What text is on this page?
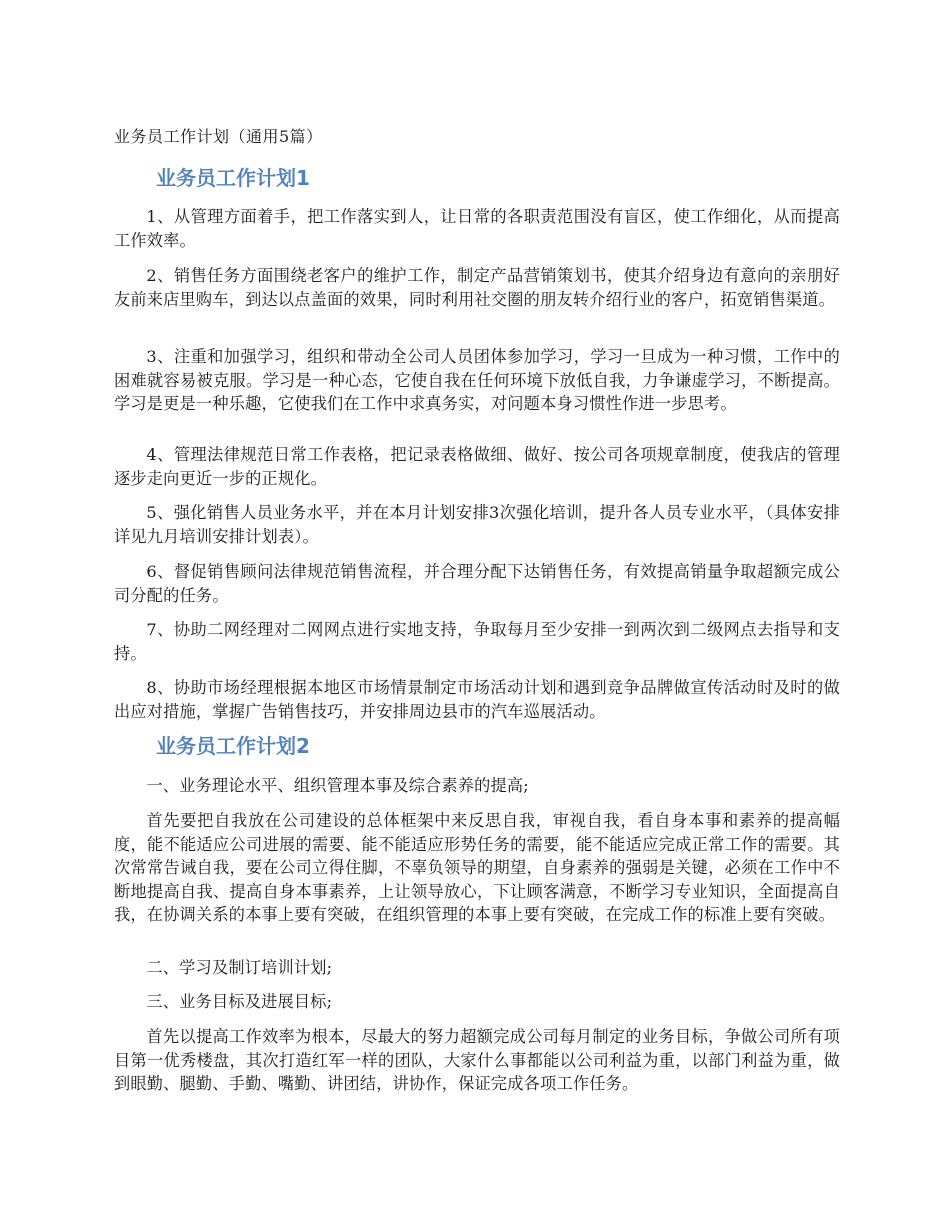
业务员工作计划（通用5篇）
业务员工作计划1

1、从管理方面着手，把工作落实到人，让日常的各职责范围没有盲区，使工作细化，从而提高工作效率。

2、销售任务方面围绕老客户的维护工作，制定产品营销策划书，使其介绍身边有意向的亲朋好友前来店里购车，到达以点盖面的效果，同时利用社交圈的朋友转介绍行业的客户，拓宽销售渠道。

3、注重和加强学习，组织和带动全公司人员团体参加学习，学习一旦成为一种习惯，工作中的困难就容易被克服。学习是一种心态，它使自我在任何环境下放低自我，力争谦虚学习，不断提高。学习是更是一种乐趣，它使我们在工作中求真务实，对问题本身习惯性作进一步思考。

4、管理法律规范日常工作表格，把记录表格做细、做好、按公司各项规章制度，使我店的管理逐步走向更近一步的正规化。

5、强化销售人员业务水平，并在本月计划安排3次强化培训，提升各人员专业水平，（具体安排详见九月培训安排计划表）。

6、督促销售顾问法律规范销售流程，并合理分配下达销售任务，有效提高销量争取超额完成公司分配的任务。

7、协助二网经理对二网网点进行实地支持，争取每月至少安排一到两次到二级网点去指导和支持。

8、协助市场经理根据本地区市场情景制定市场活动计划和遇到竞争品牌做宣传活动时及时的做出应对措施，掌握广告销售技巧，并安排周边县市的汽车巡展活动。

业务员工作计划2

一、业务理论水平、组织管理本事及综合素养的提高;

首先要把自我放在公司建设的总体框架中来反思自我，审视自我，看自身本事和素养的提高幅度，能不能适应公司进展的需要、能不能适应形势任务的需要，能不能适应完成正常工作的需要。其次常常告诫自我，要在公司立得住脚，不辜负领导的期望，自身素养的强弱是关键，必须在工作中不断地提高自我、提高自身本事素养，上让领导放心，下让顾客满意，不断学习专业知识，全面提高自我，在协调关系的本事上要有突破，在组织管理的本事上要有突破，在完成工作的标准上要有突破。

二、学习及制订培训计划;

三、业务目标及进展目标;

首先以提高工作效率为根本，尽最大的努力超额完成公司每月制定的业务目标，争做公司所有项目第一优秀楼盘，其次打造红军一样的团队，大家什么事都能以公司利益为重，以部门利益为重，做到眼勤、腿勤、手勤、嘴勤、讲团结，讲协作，保证完成各项工作任务。
